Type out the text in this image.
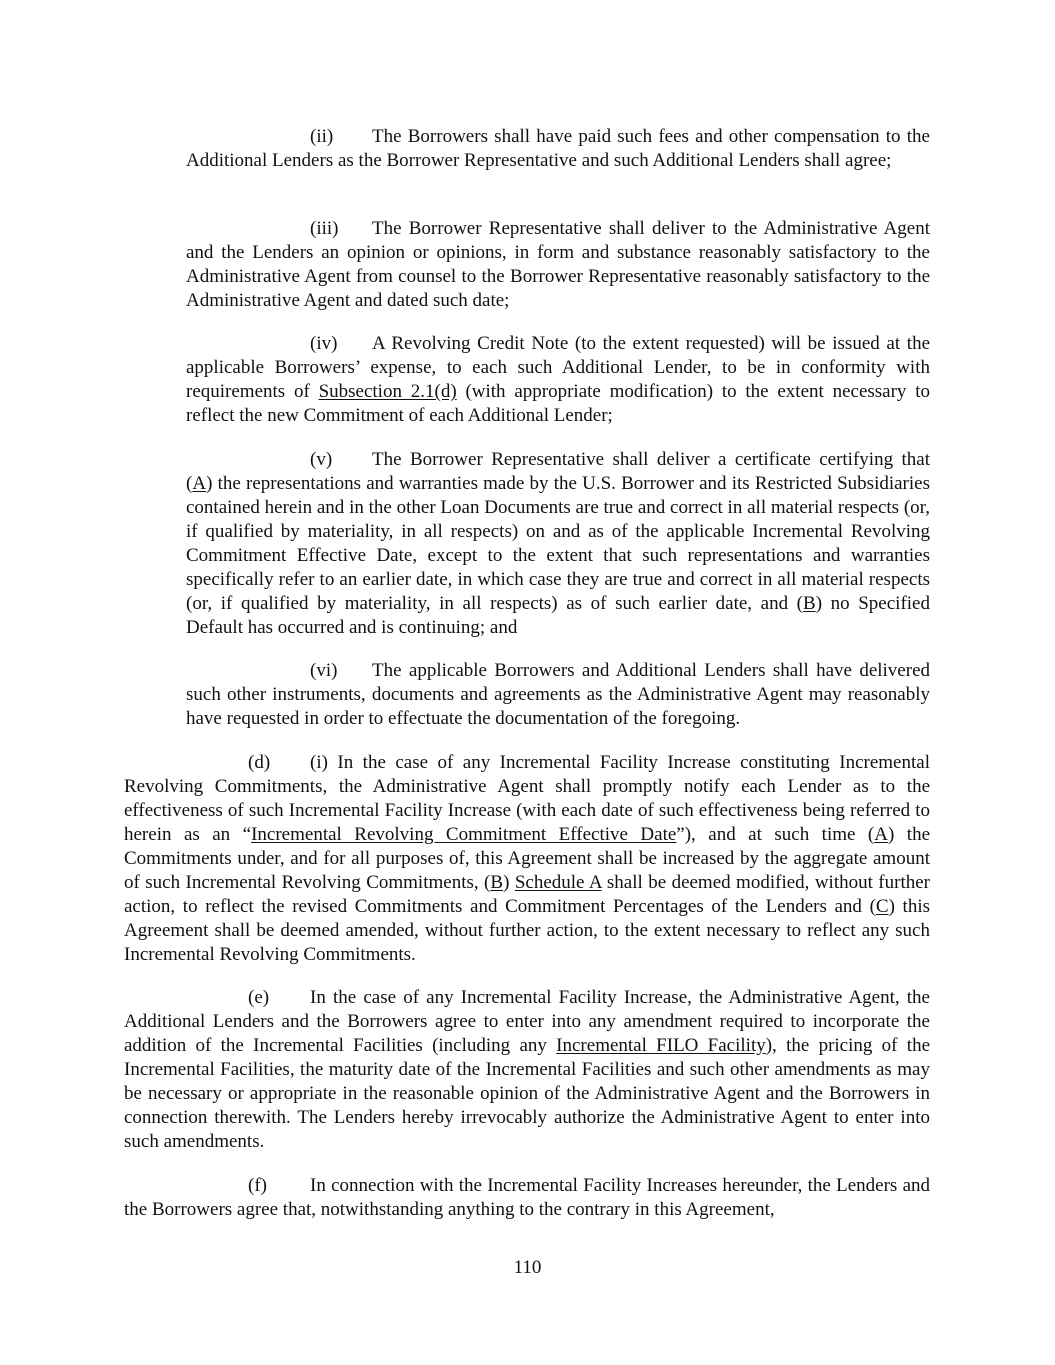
(ii) The Borrowers shall have paid such fees and other compensation to the Additional Lenders as the Borrower Representative and such Additional Lenders shall agree;

(iii) The Borrower Representative shall deliver to the Administrative Agent and the Lenders an opinion or opinions, in form and substance reasonably satisfactory to the Administrative Agent from counsel to the Borrower Representative reasonably satisfactory to the Administrative Agent and dated such date;

(iv) A Revolving Credit Note (to the extent requested) will be issued at the applicable Borrowers’ expense, to each such Additional Lender, to be in conformity with requirements of Subsection 2.1(d) (with appropriate modification) to the extent necessary to reflect the new Commitment of each Additional Lender;

(v) The Borrower Representative shall deliver a certificate certifying that (A) the representations and warranties made by the U.S. Borrower and its Restricted Subsidiaries contained herein and in the other Loan Documents are true and correct in all material respects (or, if qualified by materiality, in all respects) on and as of the applicable Incremental Revolving Commitment Effective Date, except to the extent that such representations and warranties specifically refer to an earlier date, in which case they are true and correct in all material respects (or, if qualified by materiality, in all respects) as of such earlier date, and (B) no Specified Default has occurred and is continuing; and

(vi) The applicable Borrowers and Additional Lenders shall have delivered such other instruments, documents and agreements as the Administrative Agent may reasonably have requested in order to effectuate the documentation of the foregoing.

(d) (i) In the case of any Incremental Facility Increase constituting Incremental Revolving Commitments, the Administrative Agent shall promptly notify each Lender as to the effectiveness of such Incremental Facility Increase (with each date of such effectiveness being referred to herein as an “Incremental Revolving Commitment Effective Date”), and at such time (A) the Commitments under, and for all purposes of, this Agreement shall be increased by the aggregate amount of such Incremental Revolving Commitments, (B) Schedule A shall be deemed modified, without further action, to reflect the revised Commitments and Commitment Percentages of the Lenders and (C) this Agreement shall be deemed amended, without further action, to the extent necessary to reflect any such Incremental Revolving Commitments.

(e) In the case of any Incremental Facility Increase, the Administrative Agent, the Additional Lenders and the Borrowers agree to enter into any amendment required to incorporate the addition of the Incremental Facilities (including any Incremental FILO Facility), the pricing of the Incremental Facilities, the maturity date of the Incremental Facilities and such other amendments as may be necessary or appropriate in the reasonable opinion of the Administrative Agent and the Borrowers in connection therewith. The Lenders hereby irrevocably authorize the Administrative Agent to enter into such amendments.

(f) In connection with the Incremental Facility Increases hereunder, the Lenders and the Borrowers agree that, notwithstanding anything to the contrary in this Agreement,

110
